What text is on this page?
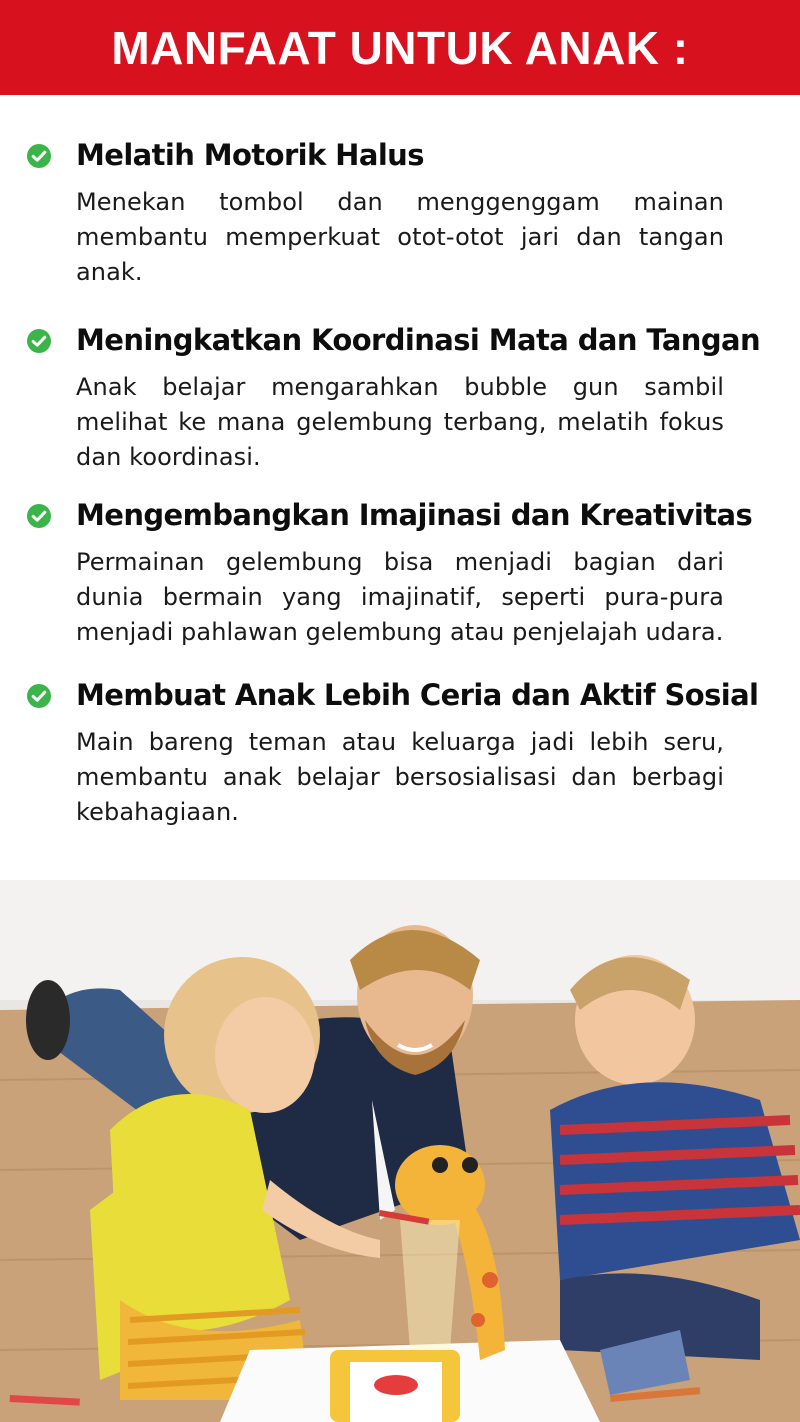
MANFAAT UNTUK ANAK :
Melatih Motorik Halus

Menekan tombol dan menggenggam mainan membantu memperkuat otot-otot jari dan tangan anak.

Meningkatkan Koordinasi Mata dan Tangan

Anak belajar mengarahkan bubble gun sambil melihat ke mana gelembung terbang, melatih fokus dan koordinasi.

Mengembangkan Imajinasi dan Kreativitas

Permainan gelembung bisa menjadi bagian dari dunia bermain yang imajinatif, seperti pura-pura menjadi pahlawan gelembung atau penjelajah udara.

Membuat Anak Lebih Ceria dan Aktif Sosial

Main bareng teman atau keluarga jadi lebih seru, membantu anak belajar bersosialisasi dan berbagi kebahagiaan.
